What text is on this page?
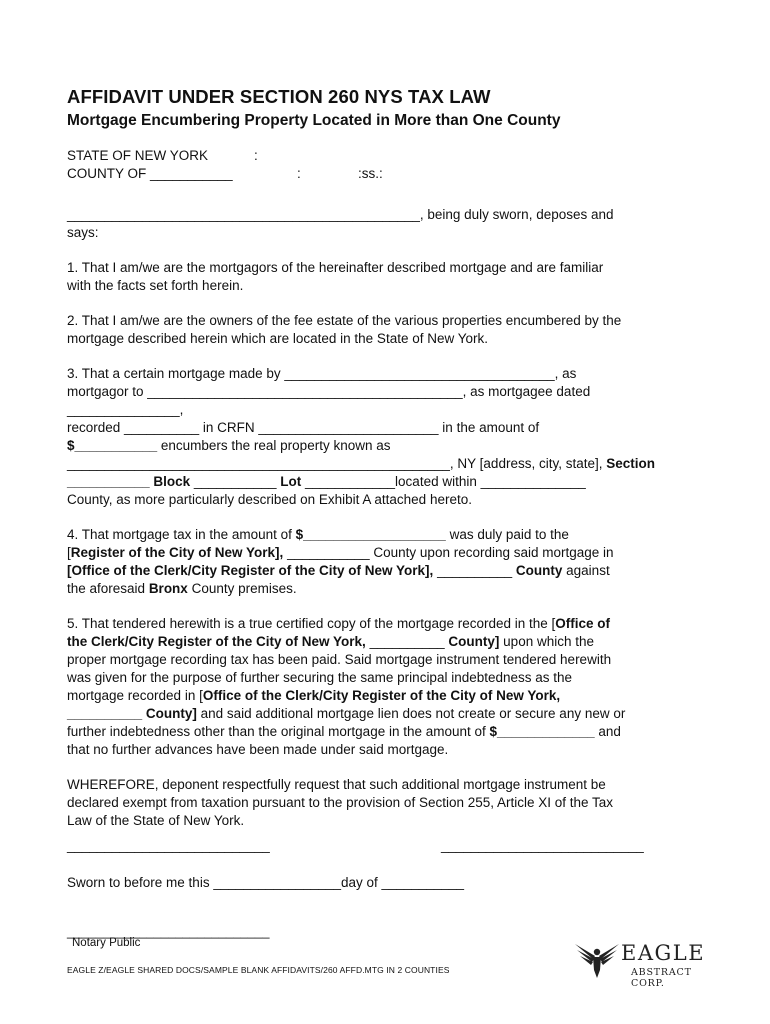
AFFIDAVIT UNDER SECTION 260 NYS TAX LAW
Mortgage Encumbering Property Located in More than One County
STATE OF NEW YORK	:
COUNTY OF ___________	:	:ss.:

_______________________________________________, being duly sworn, deposes and

says:

1. That I am/we are the mortgagors of the hereinafter described mortgage and are familiar

with the facts set forth herein.

2. That I am/we are the owners of the fee estate of the various properties encumbered by the

mortgage described herein which are located in the State of New York.

3. That a certain mortgage made by ____________________________________, as

mortgagor to __________________________________________, as mortgagee dated

_______________,

recorded __________ in CRFN ________________________ in the amount of

$___________ encumbers the real property known as

___________________________________________________, NY [address, city, state], Section

___________ Block ___________ Lot ____________located within ______________

County, as more particularly described on Exhibit A attached hereto.

4. That mortgage tax in the amount of $___________________ was duly paid to the

[Register of the City of New York], ___________ County upon recording said mortgage in

[Office of the Clerk/City Register of the City of New York], __________ County against

the aforesaid Bronx County premises.

5. That tendered herewith is a true certified copy of the mortgage recorded in the [Office of

the Clerk/City Register of the City of New York, __________ County] upon which the

proper mortgage recording tax has been paid. Said mortgage instrument tendered herewith

was given for the purpose of further securing the same principal indebtedness as the

mortgage recorded in [Office of the Clerk/City Register of the City of New York,

__________ County] and said additional mortgage lien does not create or secure any new or

further indebtedness other than the original mortgage in the amount of $_____________ and

that no further advances have been made under said mortgage.

WHEREFORE, deponent respectfully request that such additional mortgage instrument be

declared exempt from taxation pursuant to the provision of Section 255, Article XI of the Tax

Law of the State of New York.

___________________________	___________________________

Sworn to before me this _________________day of ___________

____________________________
Notary Public
EAGLE Z/EAGLE SHARED DOCS/SAMPLE BLANK AFFIDAVITS/260 AFFD.MTG IN 2 COUNTIES
EAGLE
ABSTRACT CORP.
